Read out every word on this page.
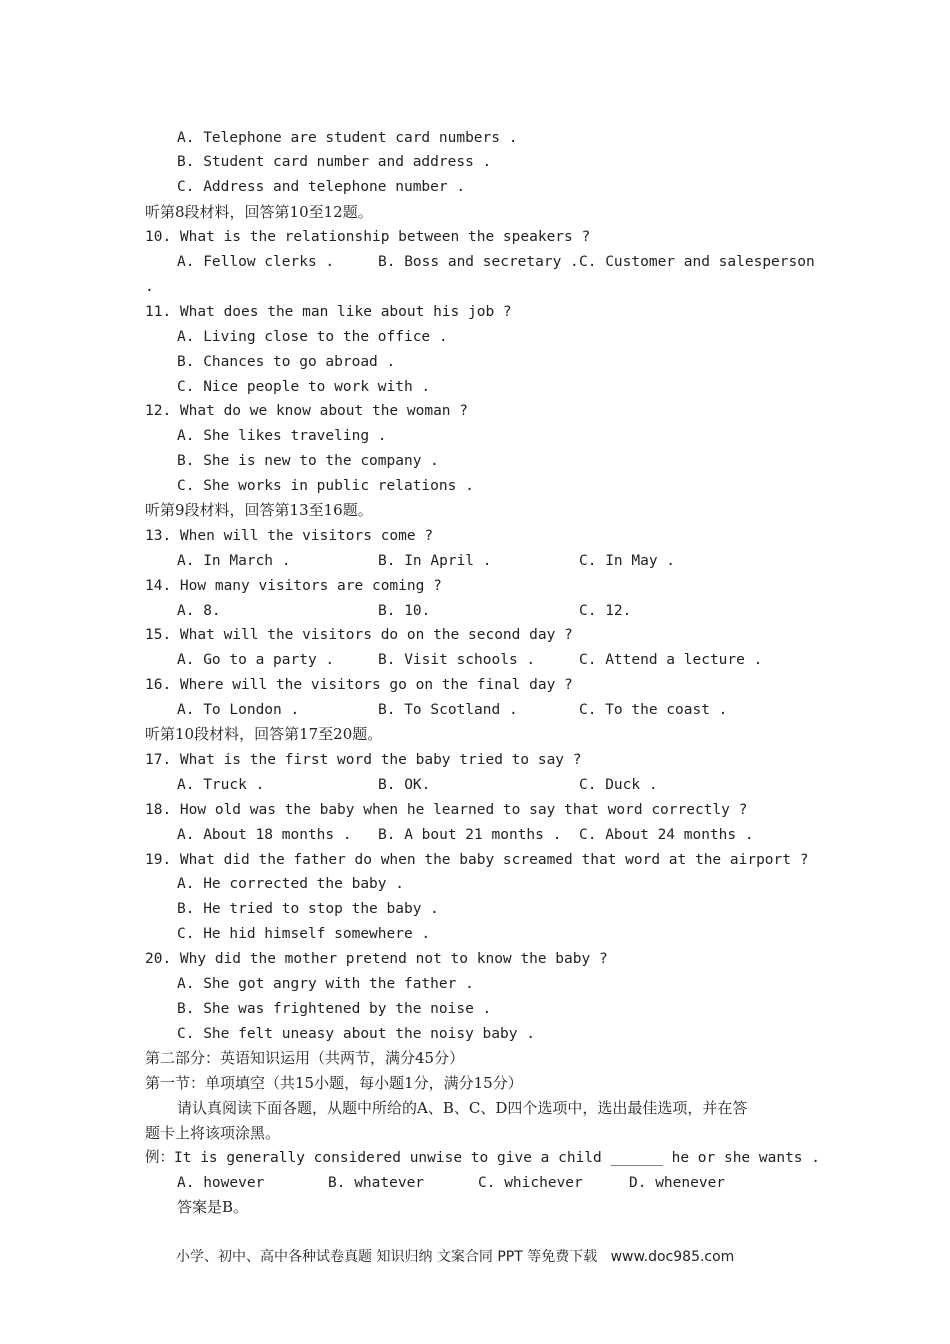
A. Telephone are student card numbers .
B. Student card number and address .
C. Address and telephone number .
听第8段材料，回答第10至12题。
10. What is the relationship between the speakers ?
A. Fellow clerks .	B. Boss and secretary . C. Customer and salesperson
.
11. What does the man like about his job ?
A. Living close to the office .
B. Chances to go abroad .
C. Nice people to work with .
12. What do we know about the woman ?
A. She likes traveling .
B. She is new to the company .
C. She works in public relations .
听第9段材料，回答第13至16题。
13. When will the visitors come ?
A. In March .	B. In April .	C. In May .
14. How many visitors are coming ?
A. 8.	B. 10.	C. 12.
15. What will the visitors do on the second day ?
A. Go to a party .	B. Visit schools .	C. Attend a lecture .
16. Where will the visitors go on the final day ?
A. To London .	B. To Scotland .	C. To the coast .
听第10段材料，回答第17至20题。
17. What is the first word the baby tried to say ?
A. Truck .	B. OK.	C. Duck .
18. How old was the baby when he learned to say that word correctly ?
A. About 18 months . B. A bout 21 months . C. About 24 months .
19. What did the father do when the baby screamed that word at the airport ?
A. He corrected the baby .
B. He tried to stop the baby .
C. He hid himself somewhere .
20. Why did the mother pretend not to know the baby ?
A. She got angry with the father .
B. She was frightened by the noise .
C. She felt uneasy about the noisy baby .
第二部分：英语知识运用（共两节，满分45分）
第一节：单项填空（共15小题，每小题1分，满分15分）
请认真阅读下面各题，从题中所给的A、B、C、D四个选项中，选出最佳选项，并在答
题卡上将该项涂黑。
例：It is generally considered unwise to give a child ______ he or she wants .
A. however	B. whatever	C. whichever	D. whenever
答案是B。
小学、初中、高中各种试卷真题 知识归纳 文案合同 PPT 等免费下载   www.doc985.com
